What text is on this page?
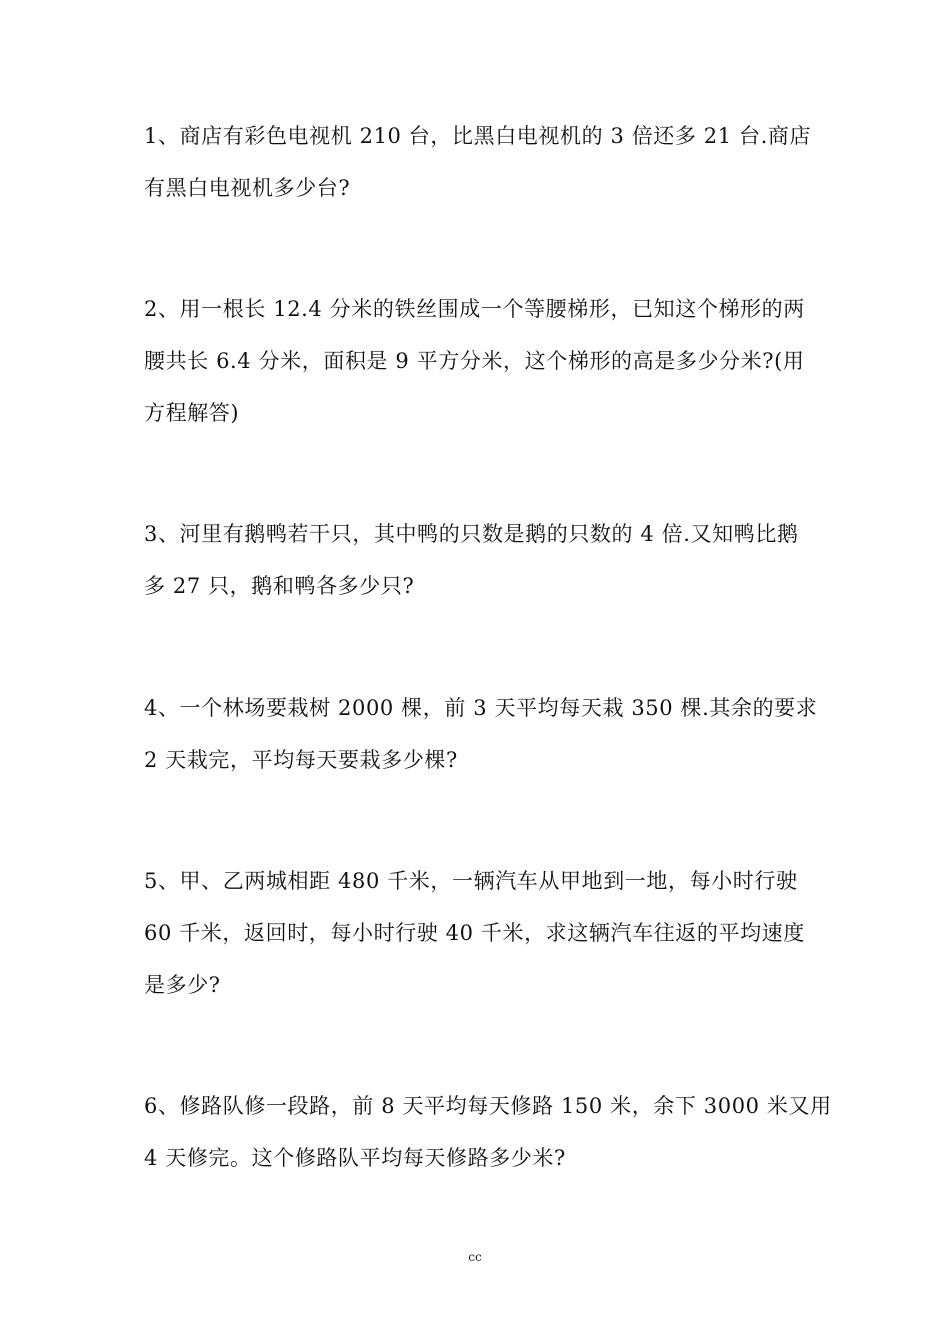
1、商店有彩色电视机 210 台，比黑白电视机的 3 倍还多 21 台.商店
有黑白电视机多少台?
2、用一根长 12.4 分米的铁丝围成一个等腰梯形，已知这个梯形的两
腰共长 6.4 分米，面积是 9 平方分米，这个梯形的高是多少分米?(用
方程解答)
3、河里有鹅鸭若干只，其中鸭的只数是鹅的只数的 4 倍.又知鸭比鹅
多 27 只，鹅和鸭各多少只?
4、一个林场要栽树 2000 棵，前 3 天平均每天栽 350 棵.其余的要求
2 天栽完，平均每天要栽多少棵?
5、甲、乙两城相距 480 千米，一辆汽车从甲地到一地，每小时行驶
60 千米，返回时，每小时行驶 40 千米，求这辆汽车往返的平均速度
是多少?
6、修路队修一段路，前 8 天平均每天修路 150 米，余下 3000 米又用
4 天修完。这个修路队平均每天修路多少米?
cc
